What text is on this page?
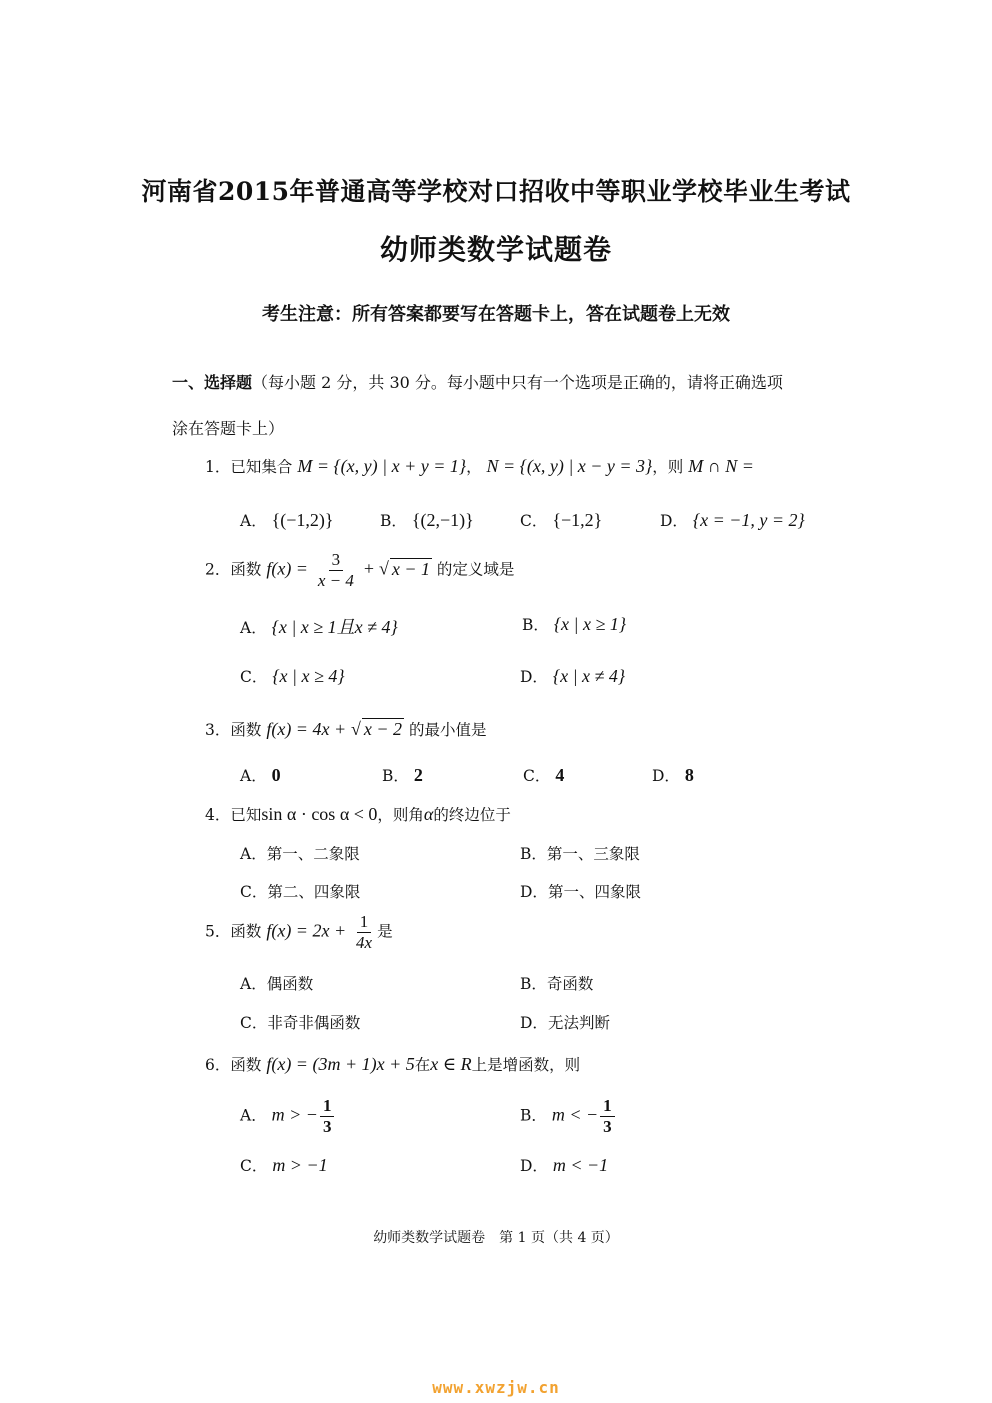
河南省2015年普通高等学校对口招收中等职业学校毕业生考试
幼师类数学试题卷
考生注意：所有答案都要写在答题卡上，答在试题卷上无效
一、选择题（每小题 2 分，共 30 分。每小题中只有一个选项是正确的，请将正确选项
涂在答题卡上）
1．已知集合 M = {(x, y) | x + y = 1}， N = {(x, y) | x − y = 3}，则 M ∩ N =
A． {(−1,2)}	B． {(2,−1)}	C． {−1,2}	D． {x = −1, y = 2}
2．函数 $f(x) = \frac{3}{x - 4}$ + √ x − 1 的定义域是
A． {x | x ≥ 1且x ≠ 4}	B． {x | x ≥ 1}
C． {x | x ≥ 4}	D． {x | x ≠ 4}
3．函数 f(x) = 4x + √ x − 2 的最小值是
A． 0	B． 2	C． 4	D． 8
4．已知sin α · cos α < 0，则角α的终边位于
A．第一、二象限	B．第一、三象限
C．第二、四象限	D．第一、四象限
5．函数 $f(x) = 2x + \frac{1}{4x}$ 是
A．偶函数	B．奇函数
C．非奇非偶函数	D．无法判断
6．函数 f(x) = (3m + 1)x + 5在x ∈ R上是增函数，则
A． m > − $\frac{1}{3}$	B． m < − $\frac{1}{3}$
C． m > −1	D． m < −1
幼师类数学试题卷　第 1 页（共 4 页）
www.xwzjw.cn
